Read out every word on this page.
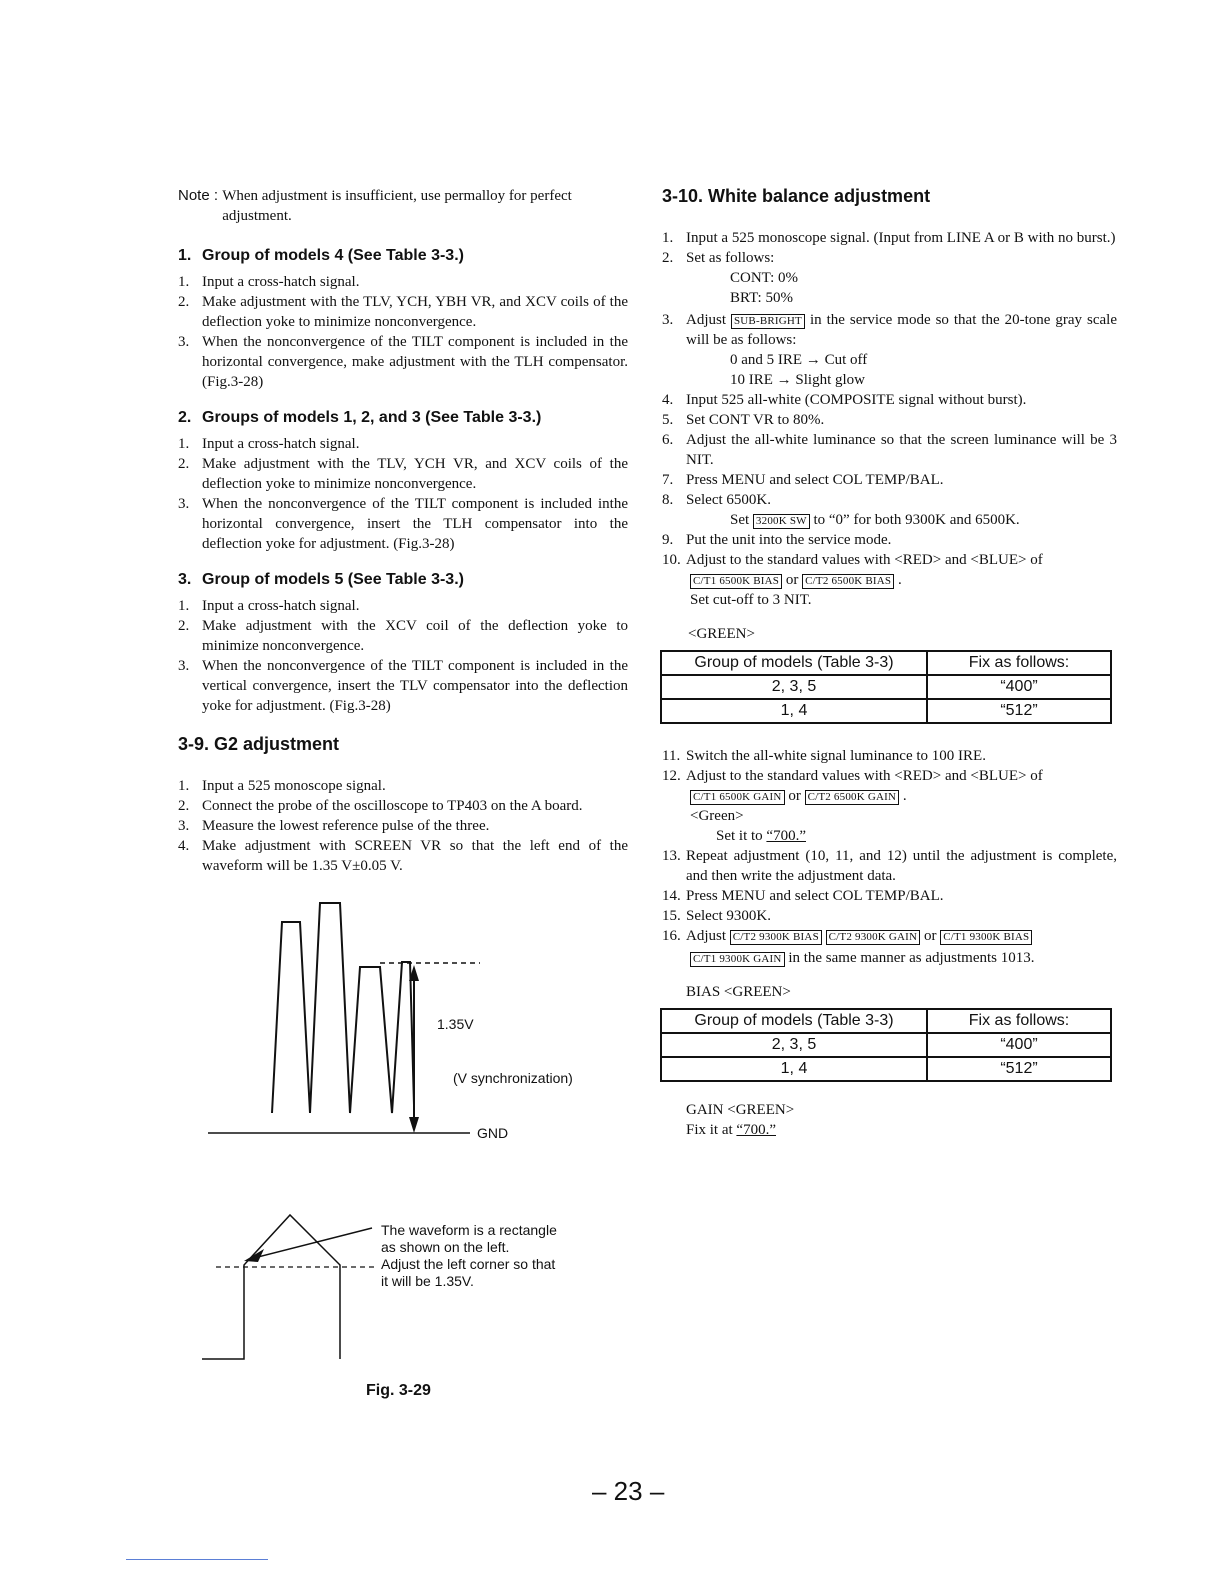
Note : When adjustment is insufficient, use permalloy for perfect adjustment.
1. Group of models 4 (See Table 3-3.)
1. Input a cross-hatch signal.
2. Make adjustment with the TLV, YCH, YBH VR, and XCV coils of the deflection yoke to minimize nonconvergence.
3. When the nonconvergence of the TILT component is included in the horizontal convergence, make adjustment with the TLH compensator. (Fig.3-28)
2. Groups of models 1, 2, and 3 (See Table 3-3.)
1. Input a cross-hatch signal.
2. Make adjustment with the TLV, YCH VR, and XCV coils of the deflection yoke to minimize nonconvergence.
3. When the nonconvergence of the TILT component is included inthe horizontal convergence, insert the TLH compensator into the deflection yoke for adjustment. (Fig.3-28)
3. Group of models 5 (See Table 3-3.)
1. Input a cross-hatch signal.
2. Make adjustment with the XCV coil of the deflection yoke to minimize nonconvergence.
3. When the nonconvergence of the TILT component is included in the vertical convergence, insert the TLV compensator into the deflection yoke for adjustment. (Fig.3-28)
3-9. G2 adjustment
1. Input a 525 monoscope signal.
2. Connect the probe of the oscilloscope to TP403 on the A board.
3. Measure the lowest reference pulse of the three.
4. Make adjustment with SCREEN VR so that the left end of the waveform will be 1.35 V±0.05 V.
1.35V
(V synchronization)
GND
The waveform is a rectangle
as shown on the left.
Adjust the left corner so that
it will be 1.35V.
Fig. 3-29
3-10. White balance adjustment
1. Input a 525 monoscope signal. (Input from LINE A or B with no burst.)
2. Set as follows:
CONT: 0%
BRT: 50%
3. Adjust SUB-BRIGHT in the service mode so that the 20-tone gray scale will be as follows:
0 and 5 IRE → Cut off
10 IRE → Slight glow
4. Input 525 all-white (COMPOSITE signal without burst).
5. Set CONT VR to 80%.
6. Adjust the all-white luminance so that the screen luminance will be 3 NIT.
7. Press MENU and select COL TEMP/BAL.
8. Select 6500K.
Set 3200K SW to “0” for both 9300K and 6500K.
9. Put the unit into the service mode.
10. Adjust to the standard values with <RED> and <BLUE> of
C/T1 6500K BIAS or C/T2 6500K BIAS .
Set cut-off to 3 NIT.
<GREEN>
Group of models (Table 3-3)	Fix as follows:
2, 3, 5	“400”
1, 4	“512”
11. Switch the all-white signal luminance to 100 IRE.
12. Adjust to the standard values with <RED> and <BLUE> of
C/T1 6500K GAIN or C/T2 6500K GAIN .
<Green>
Set it to “700.”
13. Repeat adjustment (10, 11, and 12) until the adjustment is complete, and then write the adjustment data.
14. Press MENU and select COL TEMP/BAL.
15. Select 9300K.
16. Adjust C/T2 9300K BIAS C/T2 9300K GAIN or C/T1 9300K BIAS
C/T1 9300K GAIN in the same manner as adjustments 1013.
BIAS <GREEN>
Group of models (Table 3-3)	Fix as follows:
2, 3, 5	“400”
1, 4	“512”
GAIN <GREEN>
Fix it at “700.”
– 23 –
